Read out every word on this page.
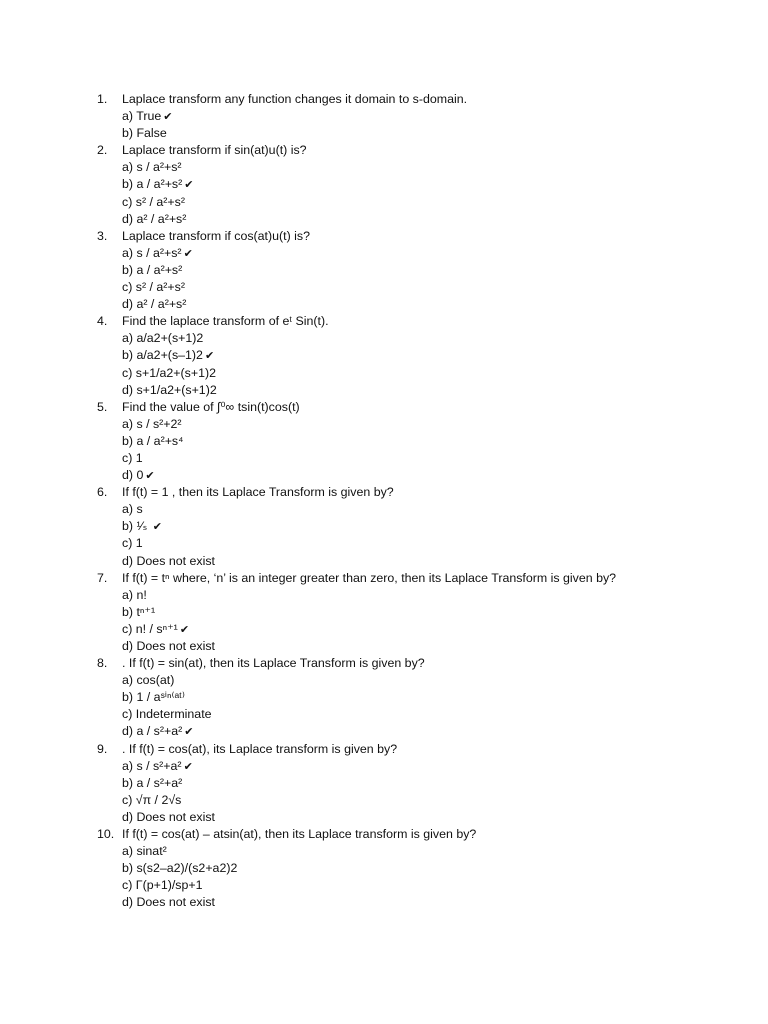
1.	Laplace transform any function changes it domain to s-domain.
a) True ✔
b) False
2.	Laplace transform if sin(at)u(t) is?
a) s / a²+s²
b) a / a²+s² ✔
c) s² / a²+s²
d) a² / a²+s²
3.	Laplace transform if cos(at)u(t) is?
a) s / a²+s² ✔
b) a / a²+s²
c) s² / a²+s²
d) a² / a²+s²
4.	Find the laplace transform of eᵗ Sin(t).
a) a/a2+(s+1)2
b) a/a2+(s–1)2 ✔
c) s+1/a2+(s+1)2
d) s+1/a2+(s+1)2
5.	Find the value of ∫⁰∞ tsin(t)cos(t)
a) s / s²+2²
b) a / a²+s⁴
c) 1
d) 0 ✔
6.	If f(t) = 1 , then its Laplace Transform is given by?
a) s
b) ¹⁄ₛ ✔
c) 1
d) Does not exist
7.	If f(t) = tⁿ where, ‘n’ is an integer greater than zero, then its Laplace Transform is given by?
a) n!
b) tⁿ⁺¹
c) n! / sⁿ⁺¹ ✔
d) Does not exist
8.	. If f(t) = sin(at), then its Laplace Transform is given by?
a) cos(at)
b) 1 / aˢⁱⁿ⁽ᵃᵗ⁾
c) Indeterminate
d) a / s²+a² ✔
9.	. If f(t) = cos(at), its Laplace transform is given by?
a) s / s²+a² ✔
b) a / s²+a²
c) √π / 2√s
d) Does not exist
10. If f(t) = cos(at) – atsin(at), then its Laplace transform is given by?
a) sinat²
b) s(s2–a2)/(s2+a2)2
c) Γ(p+1)/sp+1
d) Does not exist
